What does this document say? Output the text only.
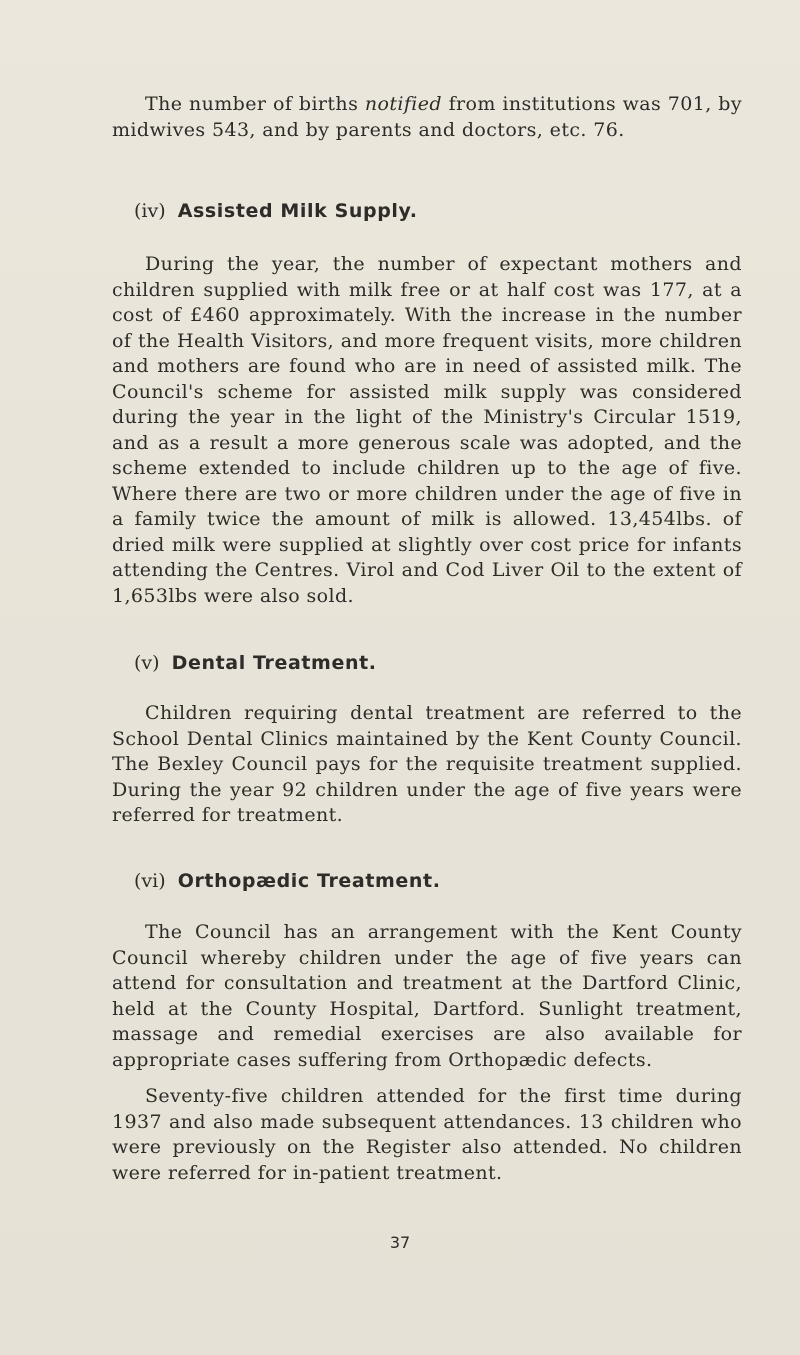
The number of births notified from institutions was 701, by midwives 543, and by parents and doctors, etc. 76.

(iv) Assisted Milk Supply.

During the year, the number of expectant mothers and children supplied with milk free or at half cost was 177, at a cost of £460 approximately. With the increase in the number of the Health Visitors, and more frequent visits, more children and mothers are found who are in need of assisted milk. The Council's scheme for assisted milk supply was considered during the year in the light of the Ministry's Circular 1519, and as a result a more generous scale was adopted, and the scheme extended to include children up to the age of five. Where there are two or more children under the age of five in a family twice the amount of milk is allowed. 13,454lbs. of dried milk were supplied at slightly over cost price for infants attending the Centres. Virol and Cod Liver Oil to the extent of 1,653lbs were also sold.

(v) Dental Treatment.

Children requiring dental treatment are referred to the School Dental Clinics maintained by the Kent County Council. The Bexley Council pays for the requisite treatment supplied. During the year 92 children under the age of five years were referred for treatment.

(vi) Orthopædic Treatment.

The Council has an arrangement with the Kent County Council whereby children under the age of five years can attend for consultation and treatment at the Dartford Clinic, held at the County Hospital, Dartford. Sunlight treatment, massage and remedial exercises are also available for appropriate cases suffering from Orthopædic defects.

Seventy-five children attended for the first time during 1937 and also made subsequent attendances. 13 children who were previously on the Register also attended. No children were referred for in-patient treatment.

37
